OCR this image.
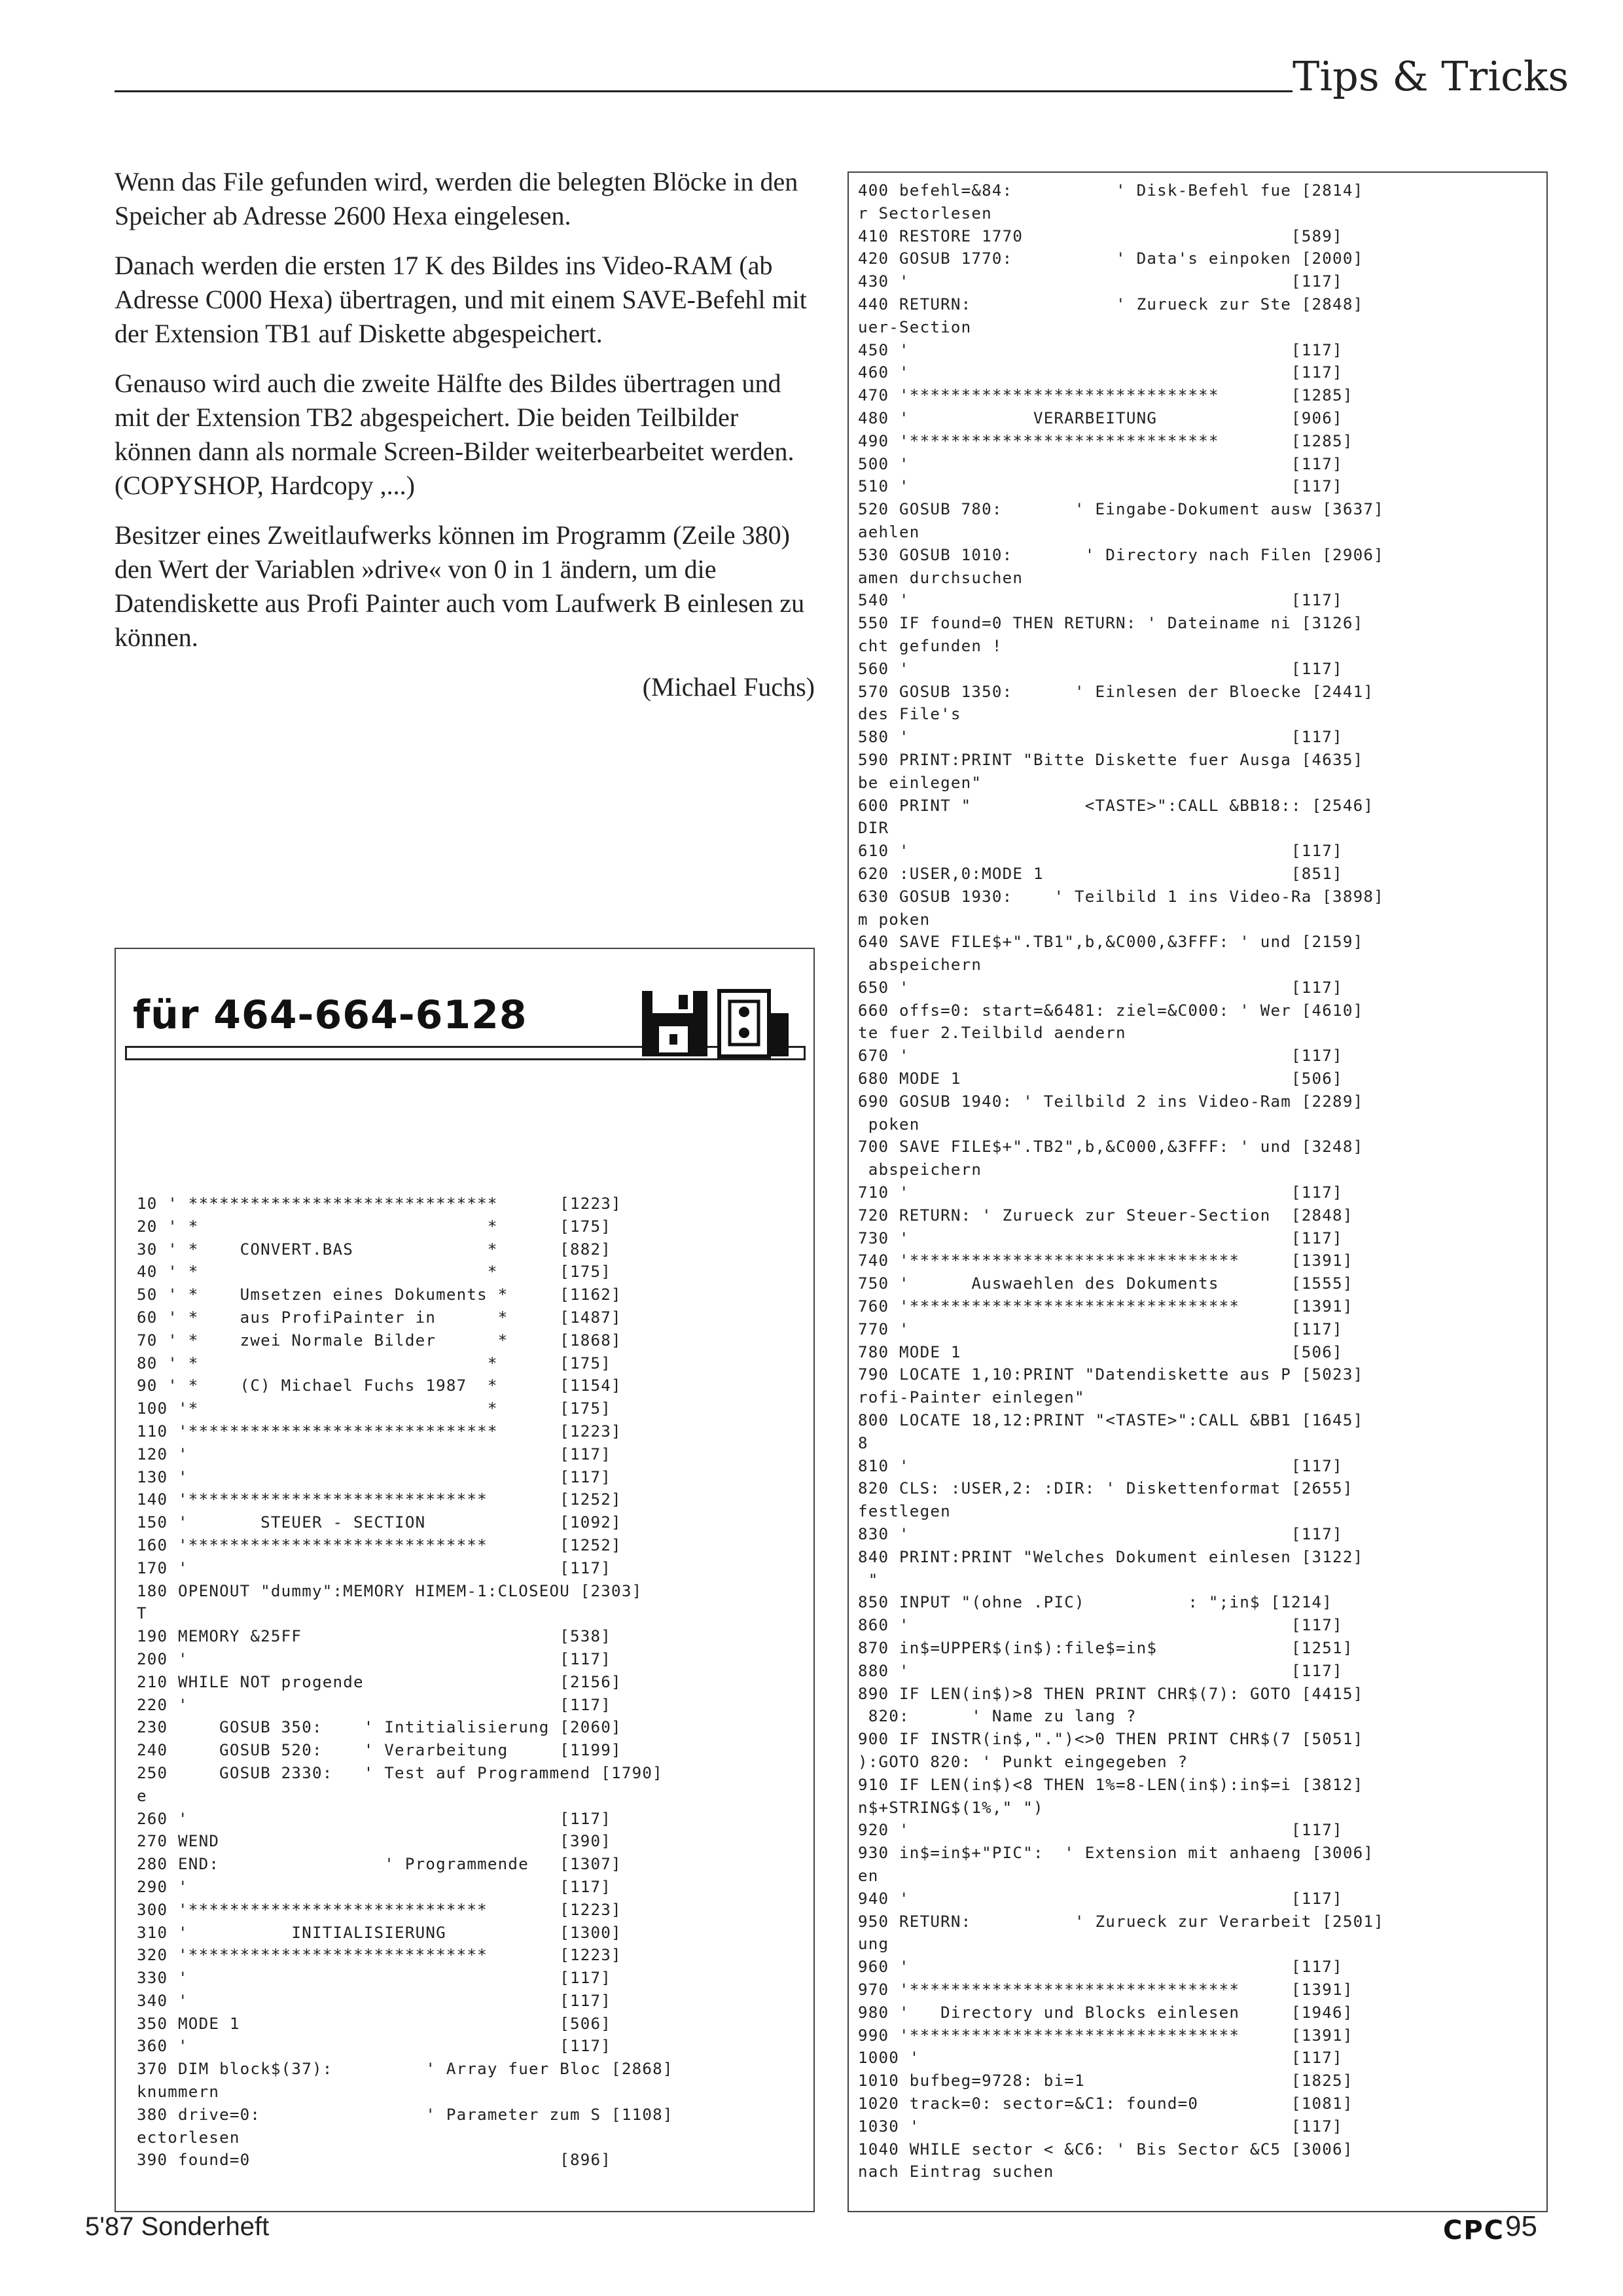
Tips & Tricks

Wenn das File gefunden wird, werden die belegten Blöcke in den Speicher ab Adresse 2600 Hexa eingelesen.

Danach werden die ersten 17 K des Bildes ins Video-RAM (ab Adresse C000 Hexa) übertragen, und mit einem SAVE-Befehl mit der Extension TB1 auf Diskette abgespeichert.

Genauso wird auch die zweite Hälfte des Bildes übertragen und mit der Extension TB2 abgespeichert. Die beiden Teilbilder können dann als normale Screen-Bilder weiterbearbeitet werden. (COPYSHOP, Hardcopy ,...)

Besitzer eines Zweitlaufwerks können im Programm (Zeile 380) den Wert der Variablen »drive« von 0 in 1 ändern, um die Datendiskette aus Profi Painter auch vom Laufwerk B einlesen zu können.

(Michael Fuchs)

für 464-664-6128
10 ' ******************************      [1223]
20 ' *                            *      [175]
30 ' *    CONVERT.BAS             *      [882]
40 ' *                            *      [175]
50 ' *    Umsetzen eines Dokuments *     [1162]
60 ' *    aus ProfiPainter in      *     [1487]
70 ' *    zwei Normale Bilder      *     [1868]
80 ' *                            *      [175]
90 ' *    (C) Michael Fuchs 1987  *      [1154]
100 '*                            *      [175]
110 '******************************      [1223]
120 '                                    [117]
130 '                                    [117]
140 '*****************************       [1252]
150 '       STEUER - SECTION             [1092]
160 '*****************************       [1252]
170 '                                    [117]
180 OPENOUT "dummy":MEMORY HIMEM-1:CLOSEOU [2303]
T
190 MEMORY &25FF                         [538]
200 '                                    [117]
210 WHILE NOT progende                   [2156]
220 '                                    [117]
230     GOSUB 350:    ' Intitialisierung [2060]
240     GOSUB 520:    ' Verarbeitung     [1199]
250     GOSUB 2330:   ' Test auf Programmend [1790]
e
260 '                                    [117]
270 WEND                                 [390]
280 END:                ' Programmende   [1307]
290 '                                    [117]
300 '*****************************       [1223]
310 '          INITIALISIERUNG           [1300]
320 '*****************************       [1223]
330 '                                    [117]
340 '                                    [117]
350 MODE 1                               [506]
360 '                                    [117]
370 DIM block$(37):         ' Array fuer Bloc [2868]
knummern
380 drive=0:                ' Parameter zum S [1108]
ectorlesen
390 found=0                              [896]
400 befehl=&84:          ' Disk-Befehl fue [2814]
r Sectorlesen
410 RESTORE 1770                          [589]
420 GOSUB 1770:          ' Data's einpoken [2000]
430 '                                     [117]
440 RETURN:              ' Zurueck zur Ste [2848]
uer-Section
450 '                                     [117]
460 '                                     [117]
470 '******************************       [1285]
480 '            VERARBEITUNG             [906]
490 '******************************       [1285]
500 '                                     [117]
510 '                                     [117]
520 GOSUB 780:       ' Eingabe-Dokument ausw [3637]
aehlen
530 GOSUB 1010:       ' Directory nach Filen [2906]
amen durchsuchen
540 '                                     [117]
550 IF found=0 THEN RETURN: ' Dateiname ni [3126]
cht gefunden !
560 '                                     [117]
570 GOSUB 1350:      ' Einlesen der Bloecke [2441]
des File's
580 '                                     [117]
590 PRINT:PRINT "Bitte Diskette fuer Ausga [4635]
be einlegen"
600 PRINT "           <TASTE>":CALL &BB18:: [2546]
DIR
610 '                                     [117]
620 :USER,0:MODE 1                        [851]
630 GOSUB 1930:    ' Teilbild 1 ins Video-Ra [3898]
m poken
640 SAVE FILE$+".TB1",b,&C000,&3FFF: ' und [2159]
abspeichern
650 '                                     [117]
660 offs=0: start=&6481: ziel=&C000: ' Wer [4610]
te fuer 2.Teilbild aendern
670 '                                     [117]
680 MODE 1                                [506]
690 GOSUB 1940: ' Teilbild 2 ins Video-Ram [2289]
poken
700 SAVE FILE$+".TB2",b,&C000,&3FFF: ' und [3248]
abspeichern
710 '                                     [117]
720 RETURN: ' Zurueck zur Steuer-Section  [2848]
730 '                                     [117]
740 '********************************     [1391]
750 '      Auswaehlen des Dokuments       [1555]
760 '********************************     [1391]
770 '                                     [117]
780 MODE 1                                [506]
790 LOCATE 1,10:PRINT "Datendiskette aus P [5023]
rofi-Painter einlegen"
800 LOCATE 18,12:PRINT "<TASTE>":CALL &BB1 [1645]
8
810 '                                     [117]
820 CLS: :USER,2: :DIR: ' Diskettenformat [2655]
festlegen
830 '                                     [117]
840 PRINT:PRINT "Welches Dokument einlesen [3122]
"
850 INPUT "(ohne .PIC)          : ";in$ [1214]
860 '                                     [117]
870 in$=UPPER$(in$):file$=in$             [1251]
880 '                                     [117]
890 IF LEN(in$)>8 THEN PRINT CHR$(7): GOTO [4415]
820:      ' Name zu lang ?
900 IF INSTR(in$,".")<>0 THEN PRINT CHR$(7 [5051]
):GOTO 820: ' Punkt eingegeben ?
910 IF LEN(in$)<8 THEN 1%=8-LEN(in$):in$=i [3812]
n$+STRING$(1%," ")
920 '                                     [117]
930 in$=in$+"PIC":  ' Extension mit anhaeng [3006]
en
940 '                                     [117]
950 RETURN:          ' Zurueck zur Verarbeit [2501]
ung
960 '                                     [117]
970 '********************************     [1391]
980 '   Directory und Blocks einlesen     [1946]
990 '********************************     [1391]
1000 '                                    [117]
1010 bufbeg=9728: bi=1                    [1825]
1020 track=0: sector=&C1: found=0         [1081]
1030 '                                    [117]
1040 WHILE sector < &C6: ' Bis Sector &C5 [3006]
nach Eintrag suchen
5'87 Sonderheft	CPC 95
